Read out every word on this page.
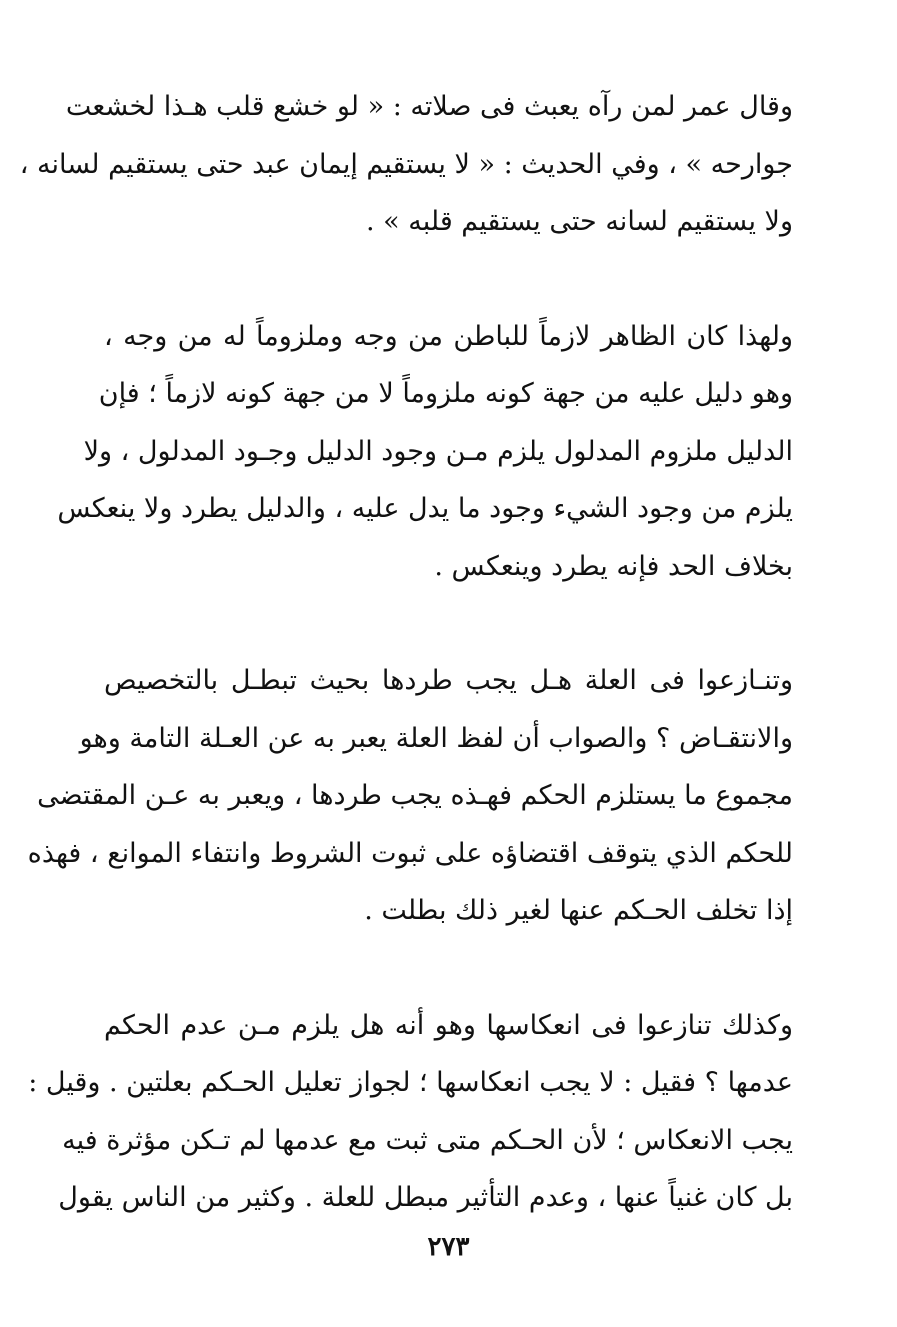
وقال عمر لمن رآه يعبث فى صلاته : « لو خشع قلب هـذا لخشعت
جوارحه » ، وفي الحديث : « لا يستقيم إيمان عبد حتى يستقيم لسانه ،
ولا يستقيم لسانه حتى يستقيم قلبه » .

ولهذا كان الظاهر لازماً للباطن من وجه وملزوماً له من وجه ،
وهو دليل عليه من جهة كونه ملزوماً لا من جهة كونه لازماً ؛ فإن
الدليل ملزوم المدلول يلزم مـن وجود الدليل وجـود المدلول ، ولا
يلزم من وجود الشيء وجود ما يدل عليه ، والدليل يطرد ولا ينعكس
بخلاف الحد فإنه يطرد وينعكس .

وتنـازعوا فى العلة هـل يجب طردها بحيث تبطـل بالتخصيص
والانتقـاض ؟ والصواب أن لفظ العلة يعبر به عن العـلة التامة وهو
مجموع ما يستلزم الحكم فهـذه يجب طردها ، ويعبر به عـن المقتضى
للحكم الذي يتوقف اقتضاؤه على ثبوت الشروط وانتفاء الموانع ، فهذه
إذا تخلف الحـكم عنها لغير ذلك بطلت .

وكذلك تنازعوا فى انعكاسها وهو أنه هل يلزم مـن عدم الحكم
عدمها ؟ فقيل : لا يجب انعكاسها ؛ لجواز تعليل الحـكم بعلتين . وقيل :
يجب الانعكاس ؛ لأن الحـكم متى ثبت مع عدمها لم تـكن مؤثرة فيه
بل كان غنياً عنها ، وعدم التأثير مبطل للعلة . وكثير من الناس يقول

٢٧٣
